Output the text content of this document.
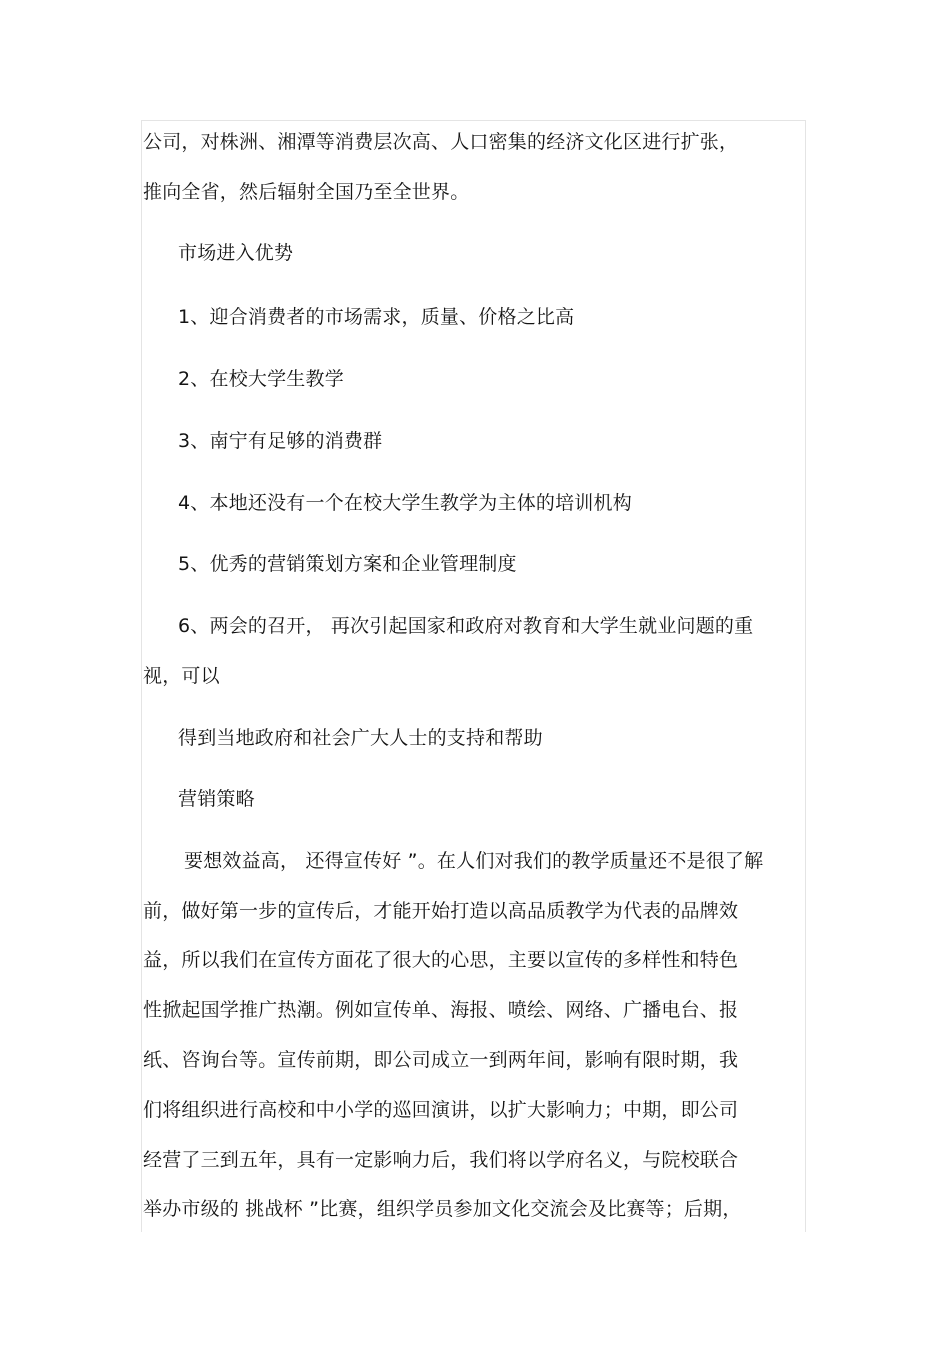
公司，对株洲、湘潭等消费层次高、人口密集的经济文化区进行扩张，
推向全省，然后辐射全国乃至全世界。
市场进入优势
1、迎合消费者的市场需求，质量、价格之比高
2、在校大学生教学
3、南宁有足够的消费群
4、本地还没有一个在校大学生教学为主体的培训机构
5、优秀的营销策划方案和企业管理制度
6、两会的召开， 再次引起国家和政府对教育和大学生就业问题的重
视，可以
得到当地政府和社会广大人士的支持和帮助
营销策略
要想效益高， 还得宣传好 ”。在人们对我们的教学质量还不是很了解
前，做好第一步的宣传后，才能开始打造以高品质教学为代表的品牌效
益，所以我们在宣传方面花了很大的心思，主要以宣传的多样性和特色
性掀起国学推广热潮。例如宣传单、海报、喷绘、网络、广播电台、报
纸、咨询台等。宣传前期，即公司成立一到两年间，影响有限时期，我
们将组织进行高校和中小学的巡回演讲，以扩大影响力；中期，即公司
经营了三到五年，具有一定影响力后，我们将以学府名义，与院校联合
举办市级的 挑战杯 ”比赛，组织学员参加文化交流会及比赛等；后期，
